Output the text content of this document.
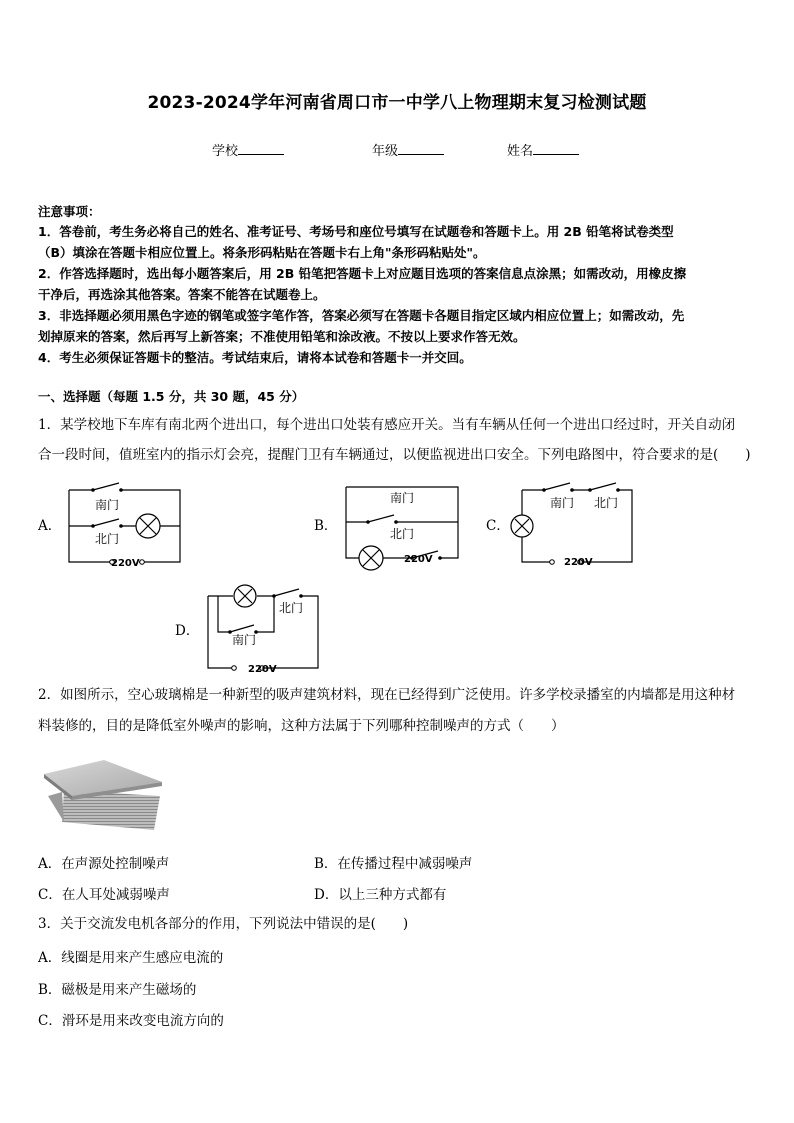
2023-2024学年河南省周口市一中学八上物理期末复习检测试题
学校	年级	姓名
注意事项：
1．答卷前，考生务必将自己的姓名、准考证号、考场号和座位号填写在试题卷和答题卡上。用 2B 铅笔将试卷类型
（B）填涂在答题卡相应位置上。将条形码粘贴在答题卡右上角"条形码粘贴处"。
2．作答选择题时，选出每小题答案后，用 2B 铅笔把答题卡上对应题目选项的答案信息点涂黑；如需改动，用橡皮擦
干净后，再选涂其他答案。答案不能答在试题卷上。
3．非选择题必须用黑色字迹的钢笔或签字笔作答，答案必须写在答题卡各题目指定区域内相应位置上；如需改动，先
划掉原来的答案，然后再写上新答案；不准使用铅笔和涂改液。不按以上要求作答无效。
4．考生必须保证答题卡的整洁。考试结束后，请将本试卷和答题卡一并交回。
一、选择题（每题 1.5 分，共 30 题，45 分）
1．某学校地下车库有南北两个进出口，每个进出口处装有感应开关。当有车辆从任何一个进出口经过时，开关自动闭
合一段时间，值班室内的指示灯会亮，提醒门卫有车辆通过，以便监视进出口安全。下列电路图中，符合要求的是(　　)
A．
南门
北门
220V
B．
南门
北门
220V
C．
南门 北门
220V
D．
北门
南门
220V
2．如图所示，空心玻璃棉是一种新型的吸声建筑材料，现在已经得到广泛使用。许多学校录播室的内墙都是用这种材
料装修的，目的是降低室外噪声的影响，这种方法属于下列哪种控制噪声的方式（　　）
A．在声源处控制噪声	B．在传播过程中减弱噪声
C．在人耳处减弱噪声	D．以上三种方式都有
3．关于交流发电机各部分的作用，下列说法中错误的是(　　)
A．线圈是用来产生感应电流的
B．磁极是用来产生磁场的
C．滑环是用来改变电流方向的
